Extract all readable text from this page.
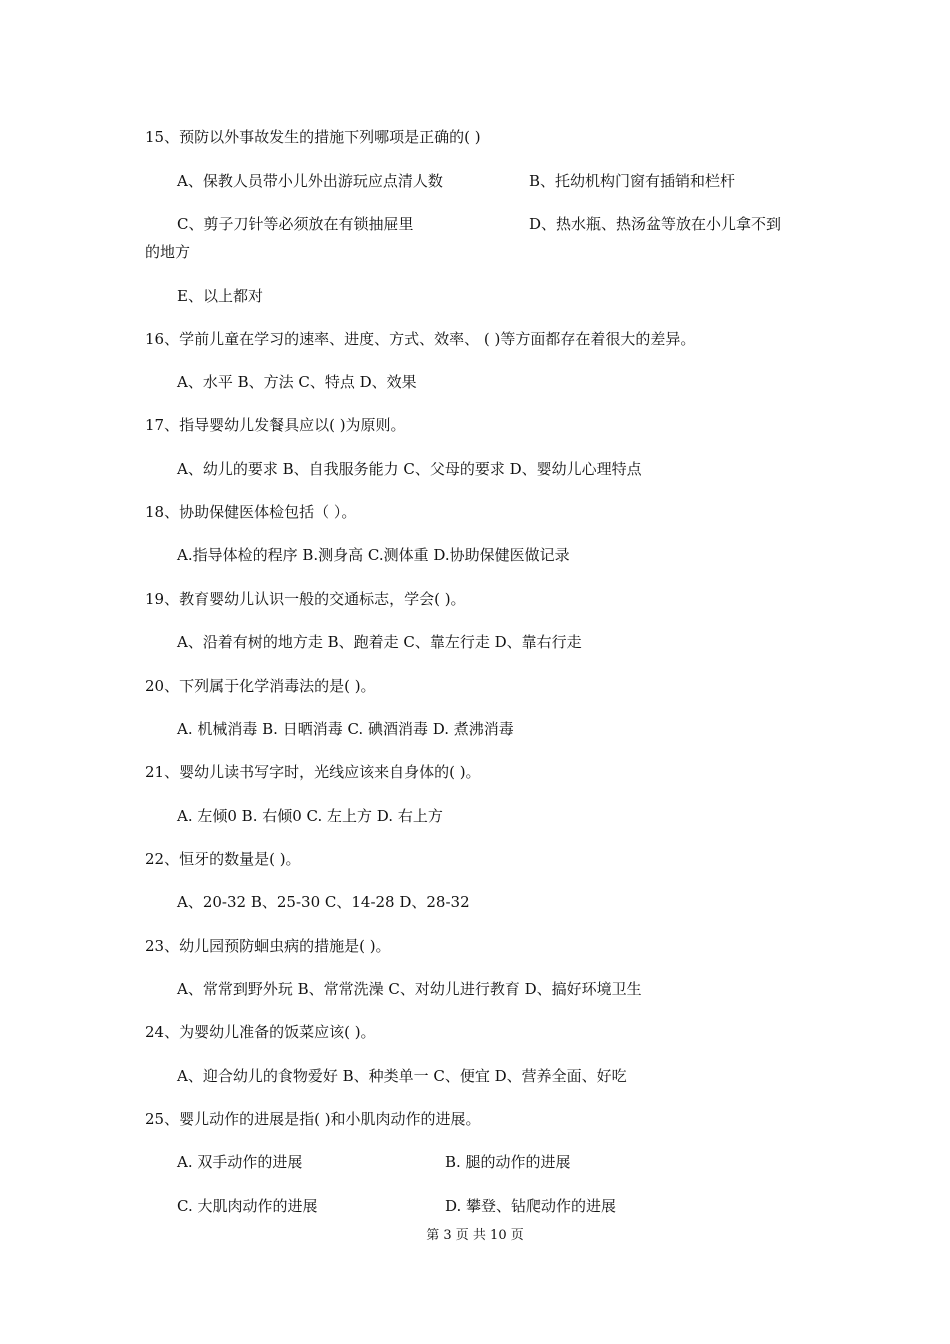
15、预防以外事故发生的措施下列哪项是正确的( )
A、保教人员带小儿外出游玩应点清人数	B、托幼机构门窗有插销和栏杆
C、剪子刀针等必须放在有锁抽屉里	D、热水瓶、热汤盆等放在小儿拿不到
的地方
E、以上都对
16、学前儿童在学习的速率、进度、方式、效率、 ( )等方面都存在着很大的差异。
A、水平 B、方法 C、特点 D、效果
17、指导婴幼儿发餐具应以( )为原则。
A、幼儿的要求 B、自我服务能力 C、父母的要求 D、婴幼儿心理特点
18、协助保健医体检包括（ ）。
A.指导体检的程序 B.测身高 C.测体重 D.协助保健医做记录
19、教育婴幼儿认识一般的交通标志，学会( )。
A、沿着有树的地方走 B、跑着走 C、靠左行走 D、靠右行走
20、下列属于化学消毒法的是( )。
A. 机械消毒 B. 日晒消毒 C. 碘酒消毒 D. 煮沸消毒
21、婴幼儿读书写字时，光线应该来自身体的( )。
A. 左倾0 B. 右倾0 C. 左上方 D. 右上方
22、恒牙的数量是( )。
A、20-32 B、25-30 C、14-28 D、28-32
23、幼儿园预防蛔虫病的措施是( )。
A、常常到野外玩 B、常常洗澡 C、对幼儿进行教育 D、搞好环境卫生
24、为婴幼儿准备的饭菜应该( )。
A、迎合幼儿的食物爱好 B、种类单一 C、便宜 D、营养全面、好吃
25、婴儿动作的进展是指( )和小肌肉动作的进展。
A. 双手动作的进展	B. 腿的动作的进展
C. 大肌肉动作的进展	D. 攀登、钻爬动作的进展
第 3 页 共 10 页
